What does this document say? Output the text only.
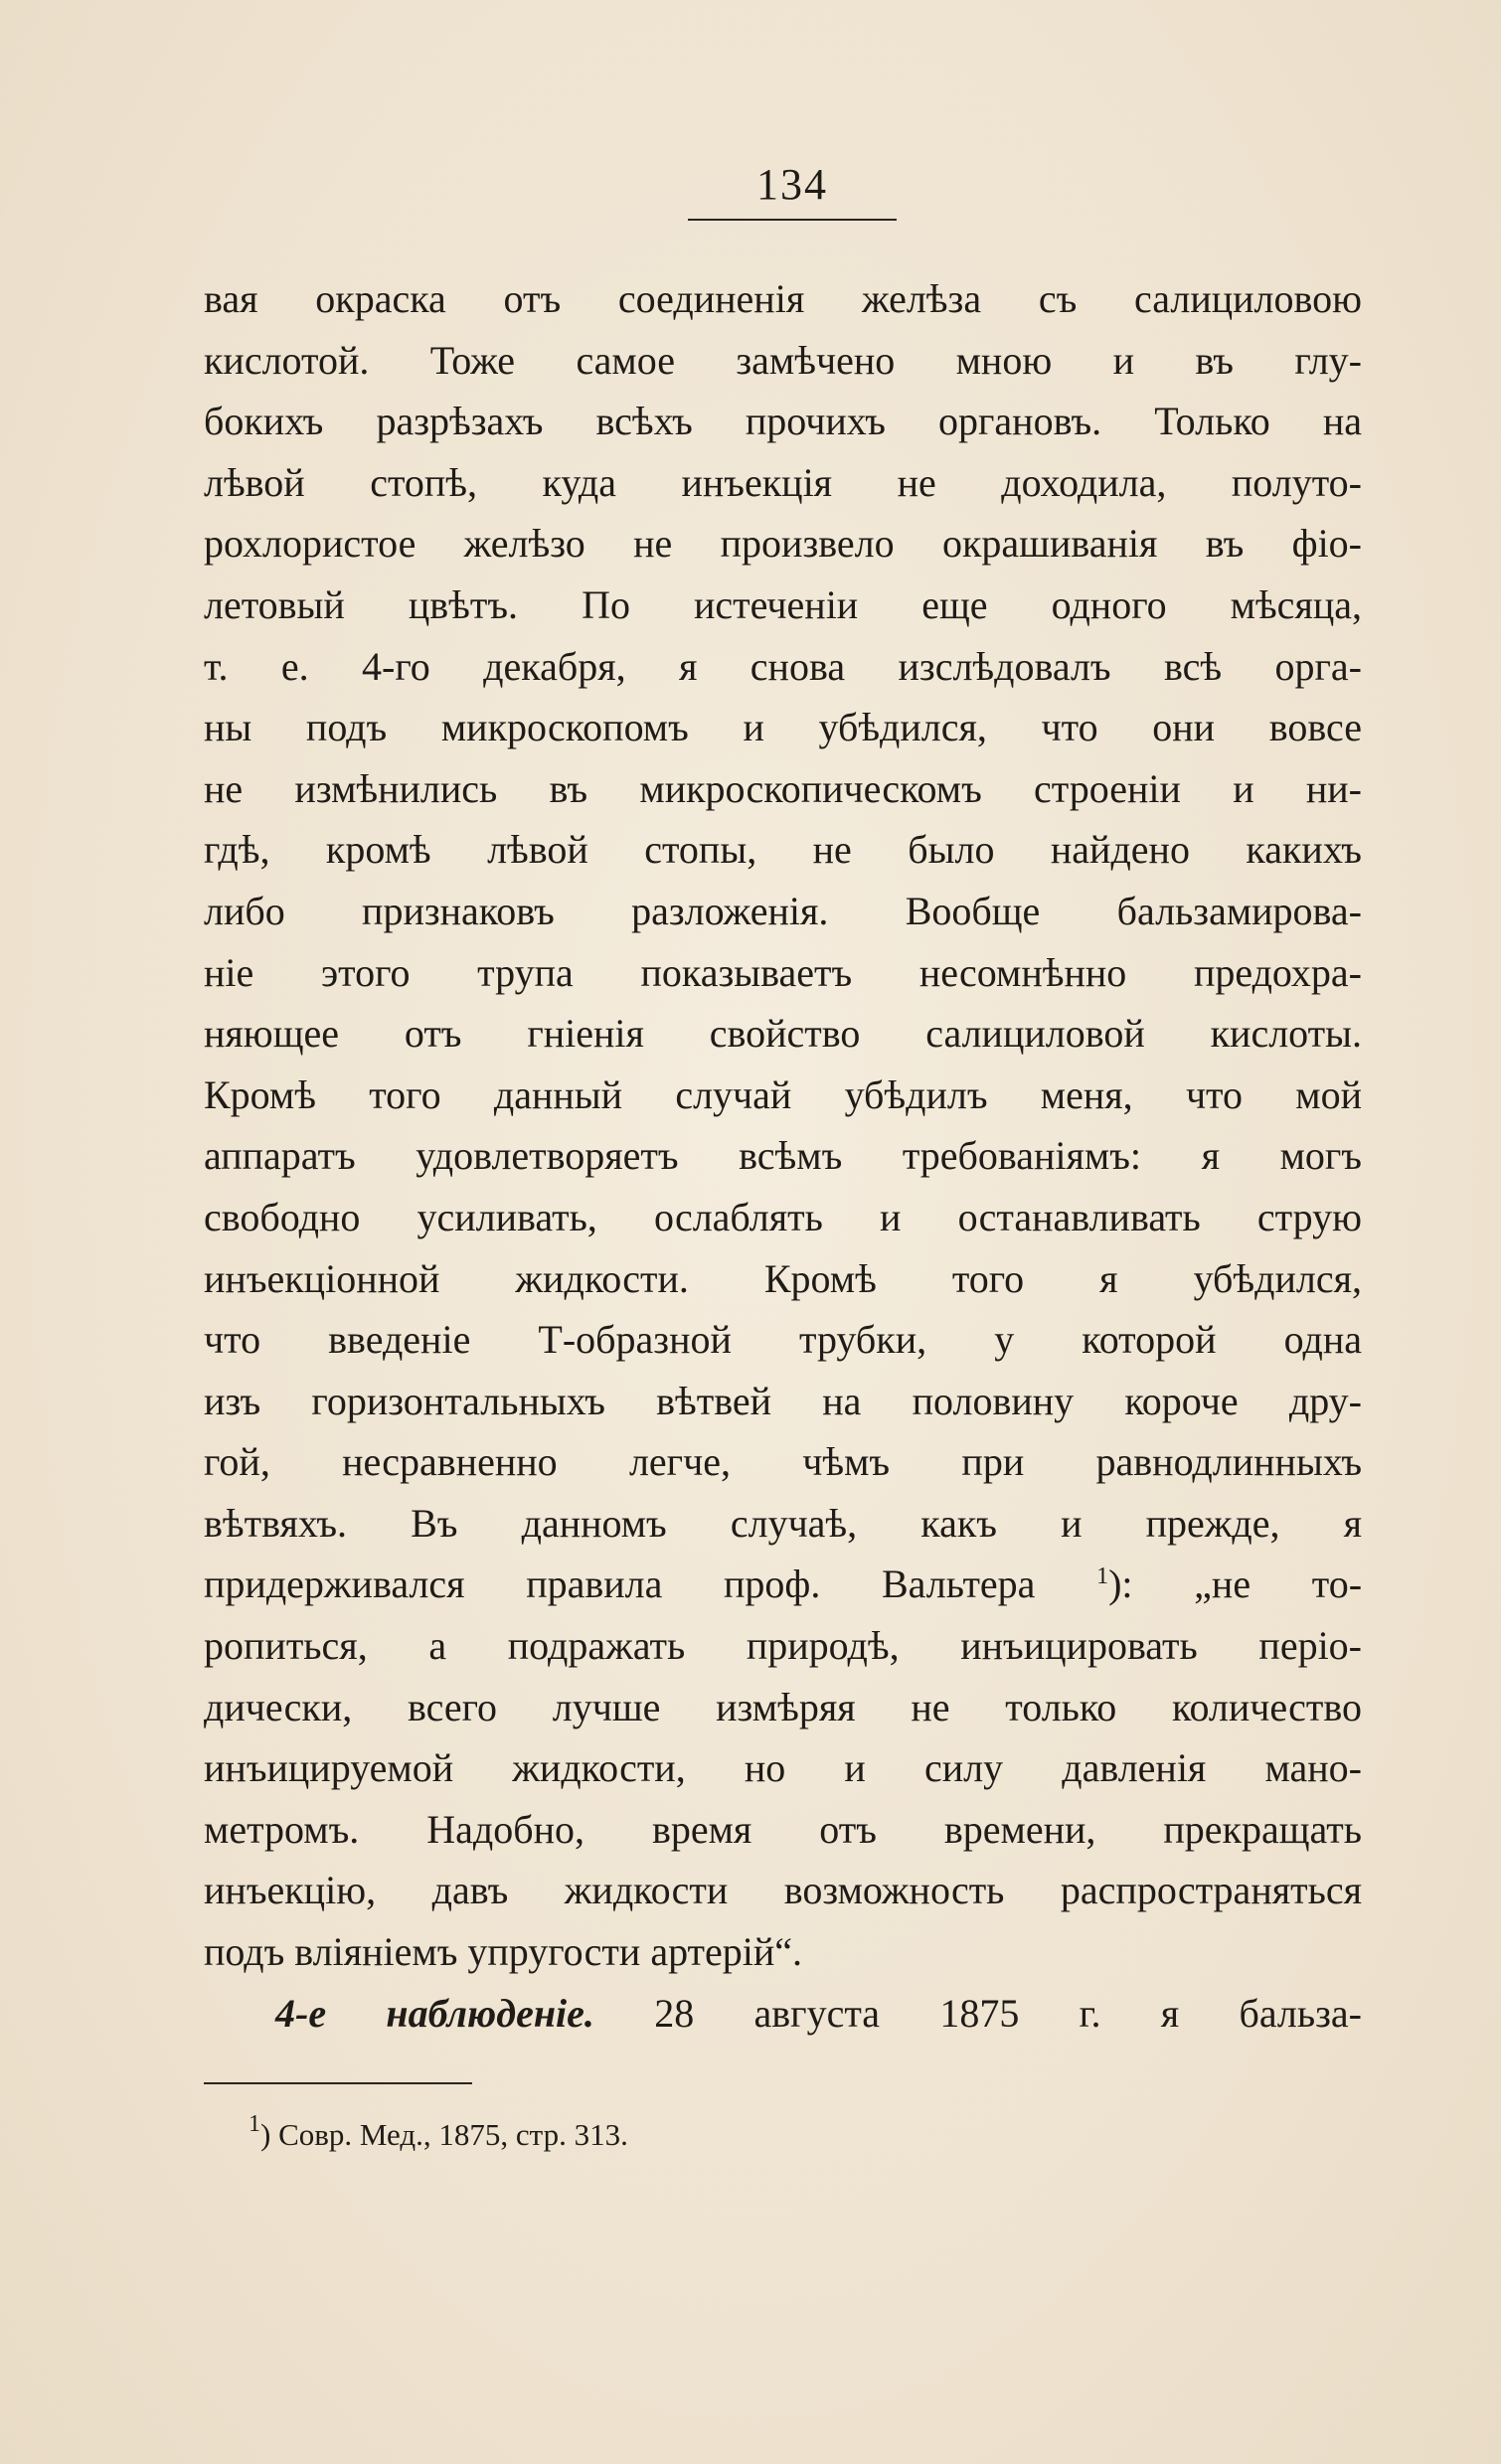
134
вая окраска отъ соединенія желѣза съ салициловою
кислотой. Тоже самое замѣчено мною и въ глу-
бокихъ разрѣзахъ всѣхъ прочихъ органовъ. Только на
лѣвой стопѣ, куда инъекція не доходила, полуто-
рохлористое желѣзо не произвело окрашиванія въ фіо-
летовый цвѣтъ. По истеченіи еще одного мѣсяца,
т. е. 4-го декабря, я снова изслѣдовалъ всѣ орга-
ны подъ микроскопомъ и убѣдился, что они вовсе
не измѣнились въ микроскопическомъ строеніи и ни-
гдѣ, кромѣ лѣвой стопы, не было найдено какихъ
либо признаковъ разложенія. Вообще бальзамирова-
ніе этого трупа показываетъ несомнѣнно предохра-
няющее отъ гніенія свойство салициловой кислоты.
Кромѣ того данный случай убѣдилъ меня, что мой
аппаратъ удовлетворяетъ всѣмъ требованіямъ: я могъ
свободно усиливать, ослаблять и останавливать струю
инъекціонной жидкости. Кромѣ того я убѣдился,
что введеніе Т-образной трубки, у которой одна
изъ горизонтальныхъ вѣтвей на половину короче дру-
гой, несравненно легче, чѣмъ при равнодлинныхъ
вѣтвяхъ. Въ данномъ случаѣ, какъ и прежде, я
придерживался правила проф. Вальтера	$^1$): „не то-
ропиться, а подражать природѣ, инъицировать періо-
дически, всего лучше измѣряя не только количество
инъицируемой жидкости, но и силу давленія мано-
метромъ. Надобно, время отъ времени, прекращать
инъекцію, давъ жидкости возможность распространяться
подъ вліяніемъ упругости артерій“.
4-е наблюденіе. 28 августа 1875 г. я бальза-
$^1$) Совр. Мед., 1875, стр. 313.
